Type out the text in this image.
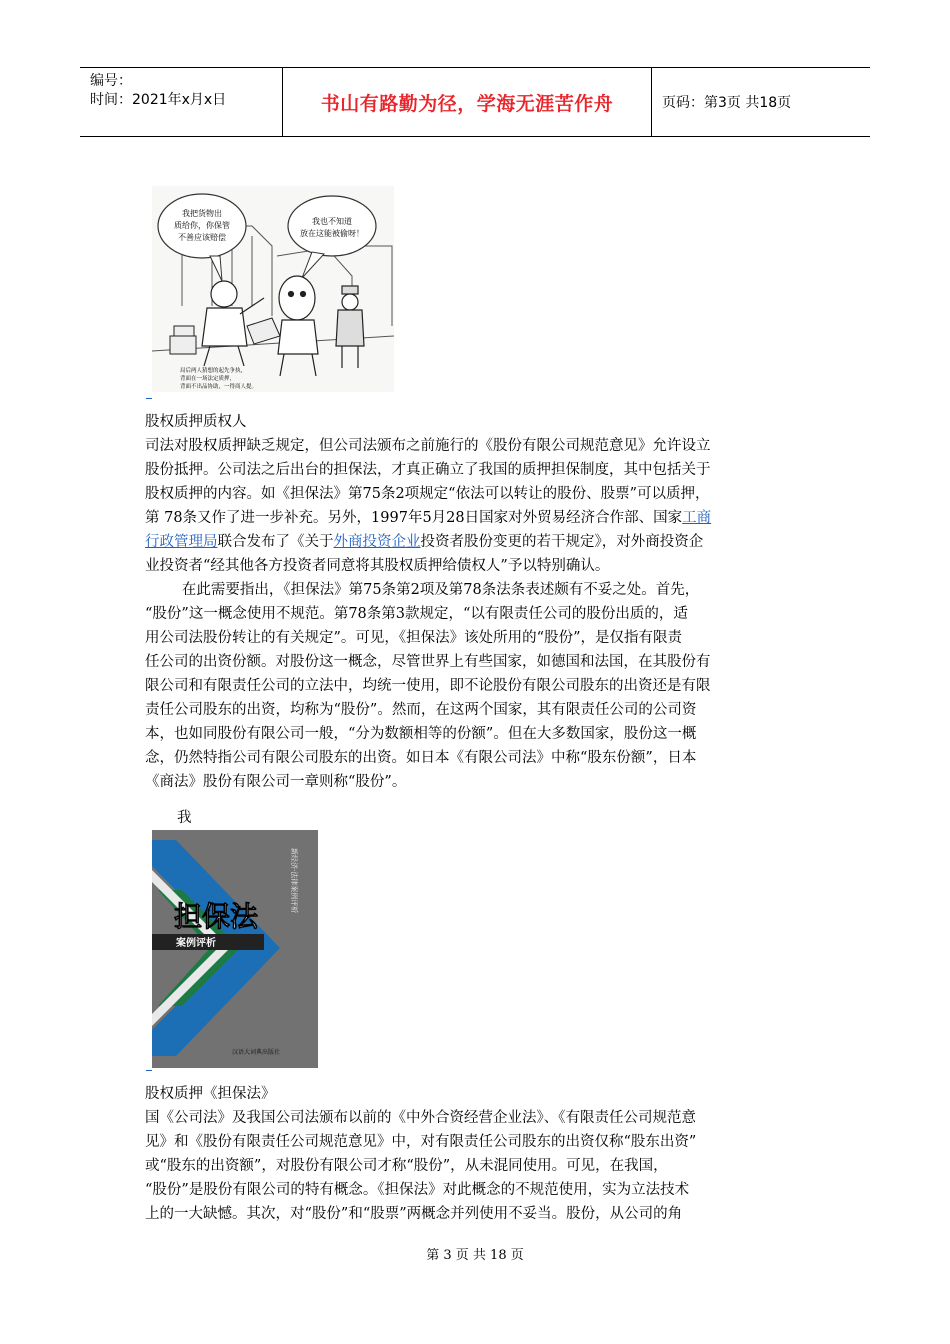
编号：
时间：2021年x月x日	书山有路勤为径，学海无涯苦作舟	页码：第3页 共18页
我把货物出
质给你，你保管
不善应该赔偿
我也不知道
放在这能被偷呀！
局后两人猜想的起先争执，
背面在一场法定质押，
背面不出品协助，一得商人提。
股权质押质权人
司法对股权质押缺乏规定，但公司法颁布之前施行的《股份有限公司规范意见》允许设立
股份抵押。公司法之后出台的担保法，才真正确立了我国的质押担保制度，其中包括关于
股权质押的内容。如《担保法》第75条2项规定“依法可以转让的股份、股票”可以质押，
第 78条又作了进一步补充。另外，1997年5月28日国家对外贸易经济合作部、国家工商
行政管理局联合发布了《关于外商投资企业投资者股份变更的若干规定》，对外商投资企
业投资者“经其他各方投资者同意将其股权质押给债权人”予以特别确认。
在此需要指出，《担保法》第75条第2项及第78条法条表述颇有不妥之处。首先，
“股份”这一概念使用不规范。第78条第3款规定，“以有限责任公司的股份出质的，适
用公司法股份转让的有关规定”。可见，《担保法》该处所用的“股份”，是仅指有限责
任公司的出资份额。对股份这一概念，尽管世界上有些国家，如德国和法国，在其股份有
限公司和有限责任公司的立法中，均统一使用，即不论股份有限公司股东的出资还是有限
责任公司股东的出资，均称为“股份”。然而，在这两个国家，其有限责任公司的公司资
本，也如同股份有限公司一般，“分为数额相等的份额”。但在大多数国家，股份这一概
念，仍然特指公司有限公司股东的出资。如日本《有限公司法》中称“股东份额”，日本
《商法》股份有限公司一章则称“股份”。
我
担保法
案例评析
新经济·法律案例评析
汉语大词典出版社
股权质押《担保法》
国《公司法》及我国公司法颁布以前的《中外合资经营企业法》、《有限责任公司规范意
见》和《股份有限责任公司规范意见》中，对有限责任公司股东的出资仅称“股东出资”
或“股东的出资额”，对股份有限公司才称“股份”，从未混同使用。可见，在我国，
“股份”是股份有限公司的特有概念。《担保法》对此概念的不规范使用，实为立法技术
上的一大缺憾。其次，对“股份”和“股票”两概念并列使用不妥当。股份，从公司的角
第 3 页 共 18 页
